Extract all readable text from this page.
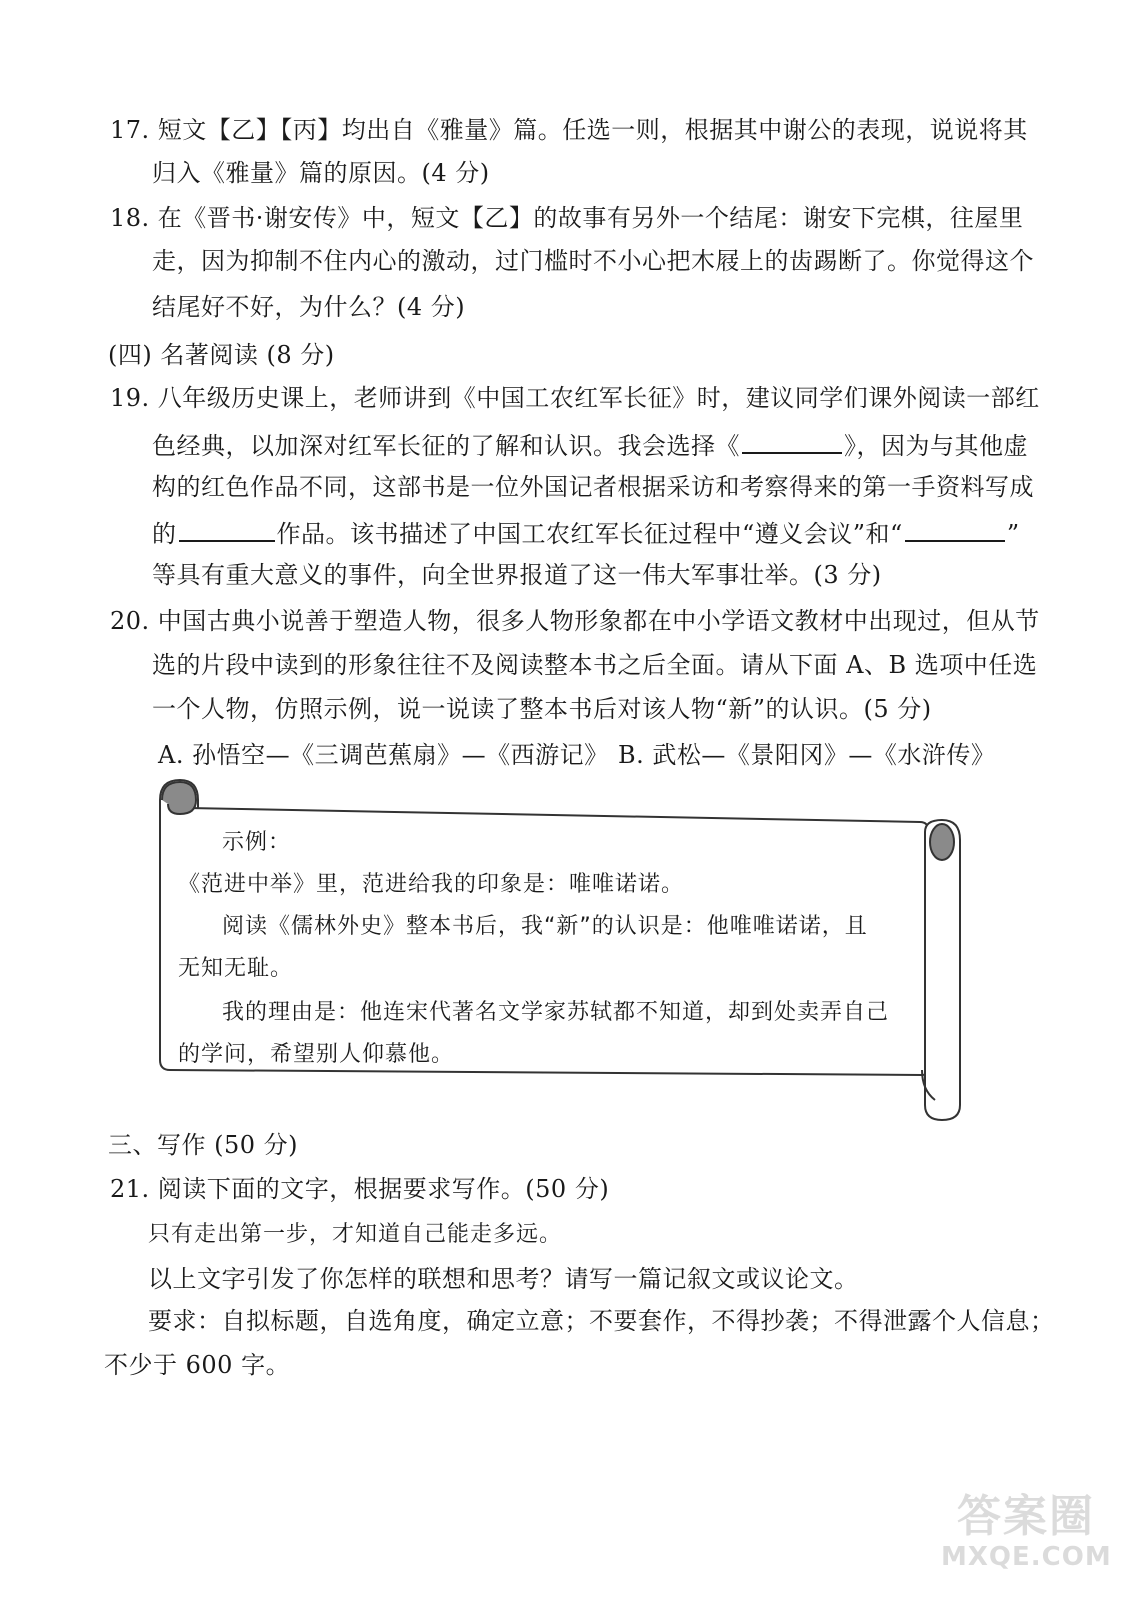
17. 短文【乙】【丙】均出自《雅量》篇。任选一则，根据其中谢公的表现，说说将其
归入《雅量》篇的原因。(4 分)
18. 在《晋书·谢安传》中，短文【乙】的故事有另外一个结尾：谢安下完棋，往屋里
走，因为抑制不住内心的激动，过门槛时不小心把木屐上的齿踢断了。你觉得这个
结尾好不好，为什么？(4 分)
(四) 名著阅读 (8 分)
19. 八年级历史课上，老师讲到《中国工农红军长征》时，建议同学们课外阅读一部红
色经典，以加深对红军长征的了解和认识。我会选择《	》，因为与其他虚
构的红色作品不同，这部书是一位外国记者根据采访和考察得来的第一手资料写成
的	作品。该书描述了中国工农红军长征过程中“遵义会议”和“	”
等具有重大意义的事件，向全世界报道了这一伟大军事壮举。(3 分)
20. 中国古典小说善于塑造人物，很多人物形象都在中小学语文教材中出现过，但从节
选的片段中读到的形象往往不及阅读整本书之后全面。请从下面 A、B 选项中任选
一个人物，仿照示例，说一说读了整本书后对该人物“新”的认识。(5 分)
A. 孙悟空—《三调芭蕉扇》—《西游记》 B. 武松—《景阳冈》—《水浒传》
示例：
《范进中举》里，范进给我的印象是：唯唯诺诺。
阅读《儒林外史》整本书后，我“新”的认识是：他唯唯诺诺，且
无知无耻。
我的理由是：他连宋代著名文学家苏轼都不知道，却到处卖弄自己
的学问，希望别人仰慕他。
三、写作 (50 分)
21. 阅读下面的文字，根据要求写作。(50 分)
只有走出第一步，才知道自己能走多远。
以上文字引发了你怎样的联想和思考？请写一篇记叙文或议论文。
要求：自拟标题，自选角度，确定立意；不要套作，不得抄袭；不得泄露个人信息；
不少于 600 字。
答案圈
MXQE.COM
